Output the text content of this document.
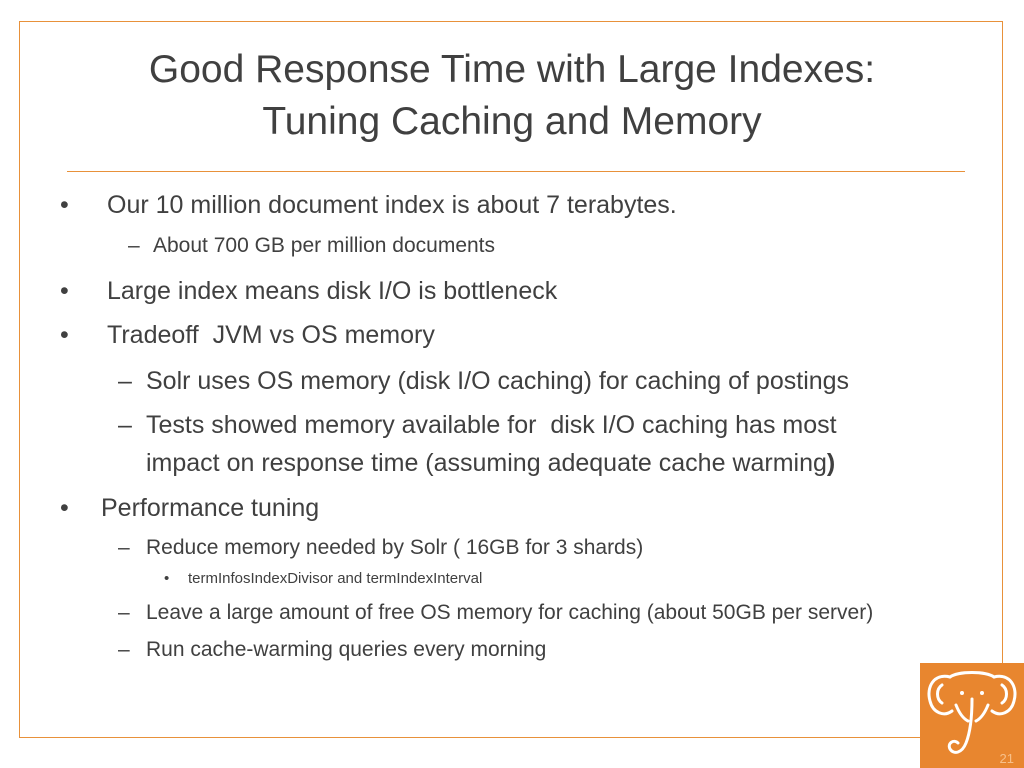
Good Response Time with Large Indexes:
Tuning Caching and Memory
• Our 10 million document index is about 7 terabytes.
– About 700 GB per million documents
• Large index means disk I/O is bottleneck
• Tradeoff  JVM vs OS memory
– Solr uses OS memory (disk I/O caching) for caching of postings
– Tests showed memory available for  disk I/O caching has most
impact on response time (assuming adequate cache warming)
• Performance tuning
– Reduce memory needed by Solr ( 16GB for 3 shards)
• termInfosIndexDivisor and termIndexInterval
– Leave a large amount of free OS memory for caching (about 50GB per server)
– Run cache-warming queries every morning
21
